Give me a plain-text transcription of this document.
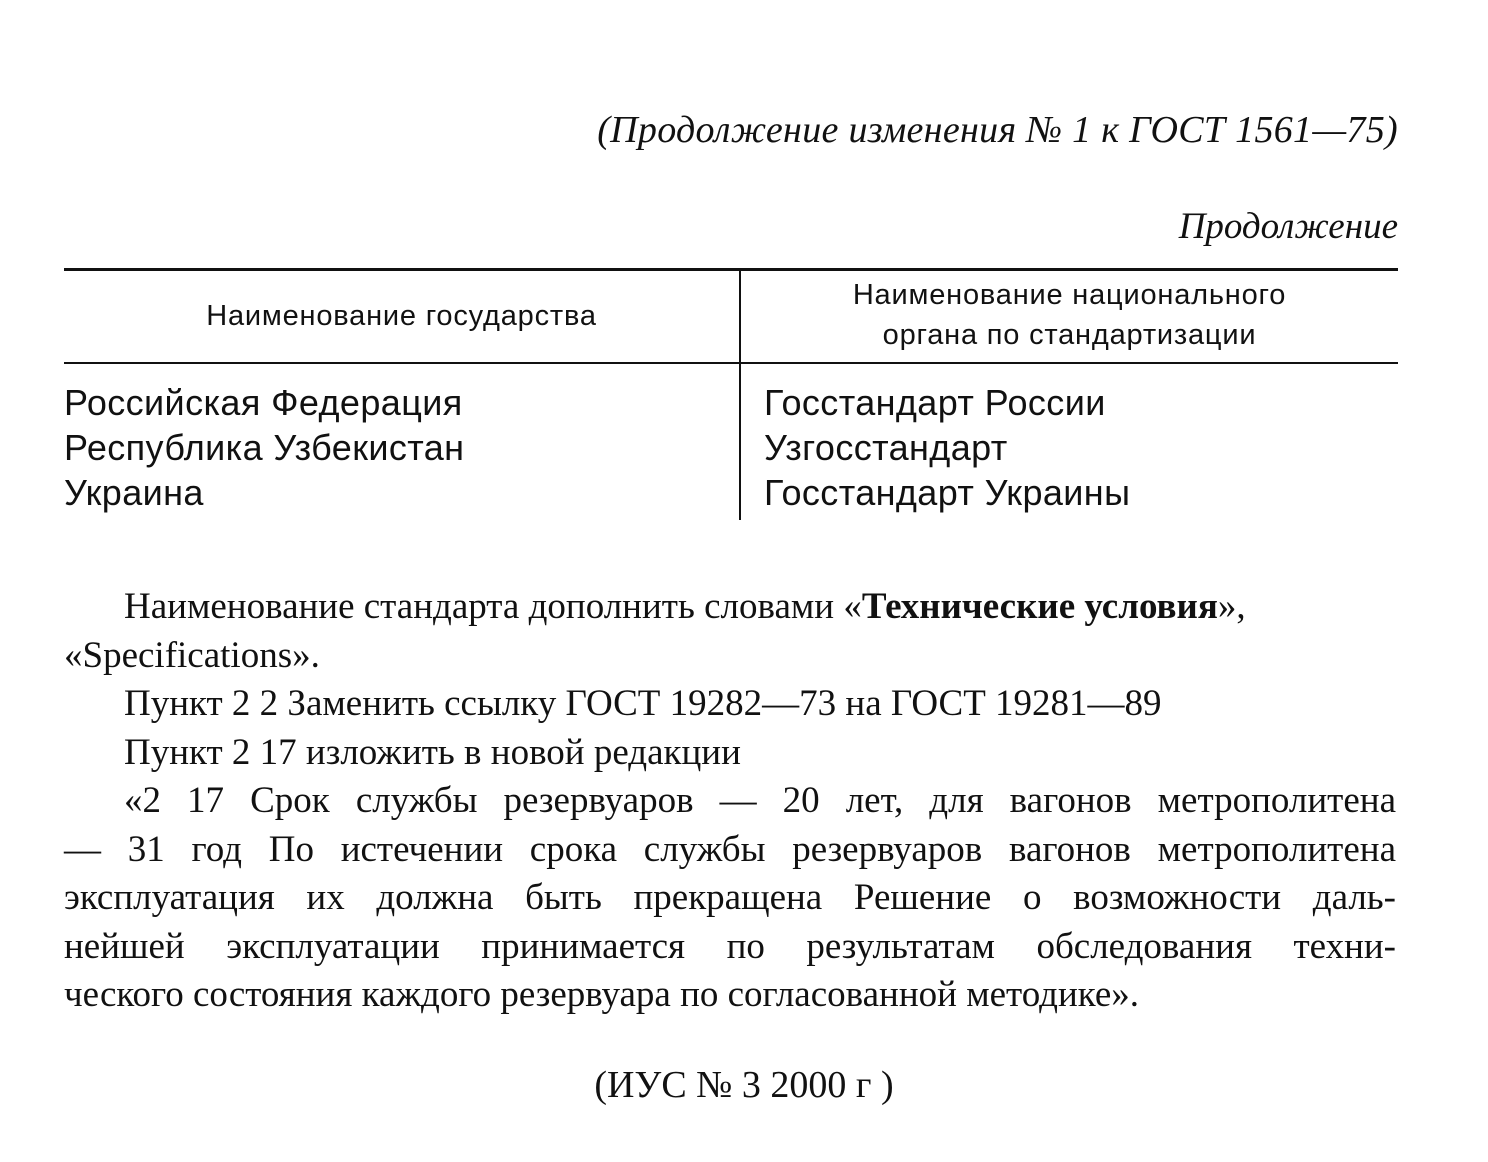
(Продолжение изменения № 1 к ГОСТ 1561—75)
Продолжение
Наименование государства
Наименование национального
органа по стандартизации
Российская Федерация
Республика Узбекистан
Украина
Госстандарт России
Узгосстандарт
Госстандарт Украины

Наименование стандарта дополнить словами «Технические условия», «Specifications».

Пункт 2 2 Заменить ссылку ГОСТ 19282—73 на ГОСТ 19281—89

Пункт 2 17 изложить в новой редакции

«2 17 Срок службы резервуаров — 20 лет, для вагонов метрополитена
— 31 год По истечении срока службы резервуаров вагонов метрополитена
эксплуатация их должна быть прекращена Решение о возможности даль-
нейшей эксплуатации принимается по результатам обследования техни-
ческого состояния каждого резервуара по согласованной методике».
(ИУС № 3 2000 г )
